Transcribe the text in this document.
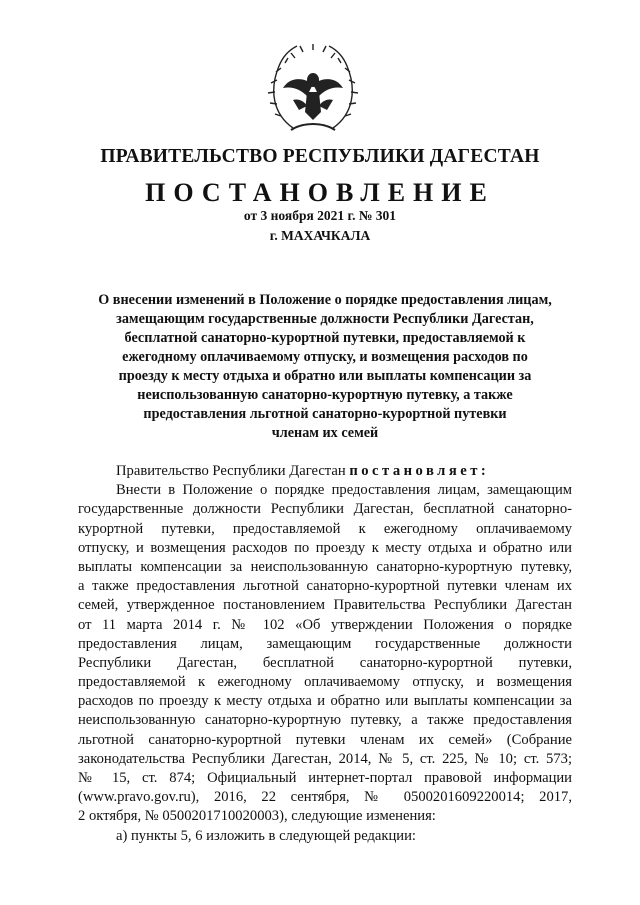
ПРАВИТЕЛЬСТВО РЕСПУБЛИКИ ДАГЕСТАН
ПОСТАНОВЛЕНИЕ
от 3 ноября 2021 г. № 301
г. МАХАЧКАЛА
О внесении изменений в Положение о порядке предоставления лицам,
замещающим государственные должности Республики Дагестан,
бесплатной санаторно-курортной путевки, предоставляемой к
ежегодному оплачиваемому отпуску, и возмещения расходов по
проезду к месту отдыха и обратно или выплаты компенсации за
неиспользованную санаторно-курортную путевку, а также
предоставления льготной санаторно-курортной путевки
членам их семей
Правительство Республики Дагестан постановляет:
Внести в Положение о порядке предоставления лицам, замещающим
государственные должности Республики Дагестан, бесплатной санаторно-
курортной путевки, предоставляемой к ежегодному оплачиваемому
отпуску, и возмещения расходов по проезду к месту отдыха и обратно или
выплаты компенсации за неиспользованную санаторно-курортную путевку,
а также предоставления льготной санаторно-курортной путевки членам их
семей, утвержденное постановлением Правительства Республики Дагестан
от 11 марта 2014 г. № 102 «Об утверждении Положения о порядке
предоставления лицам, замещающим государственные должности
Республики Дагестан, бесплатной санаторно-курортной путевки,
предоставляемой к ежегодному оплачиваемому отпуску, и возмещения
расходов по проезду к месту отдыха и обратно или выплаты компенсации за
неиспользованную санаторно-курортную путевку, а также предоставления
льготной санаторно-курортной путевки членам их семей» (Собрание
законодательства Республики Дагестан, 2014, № 5, ст. 225, № 10; ст. 573;
№ 15, ст. 874; Официальный интернет-портал правовой информации
(www.pravo.gov.ru), 2016, 22 сентября, № 0500201609220014; 2017,
2 октября, № 0500201710020003), следующие изменения:
а) пункты 5, 6 изложить в следующей редакции:
